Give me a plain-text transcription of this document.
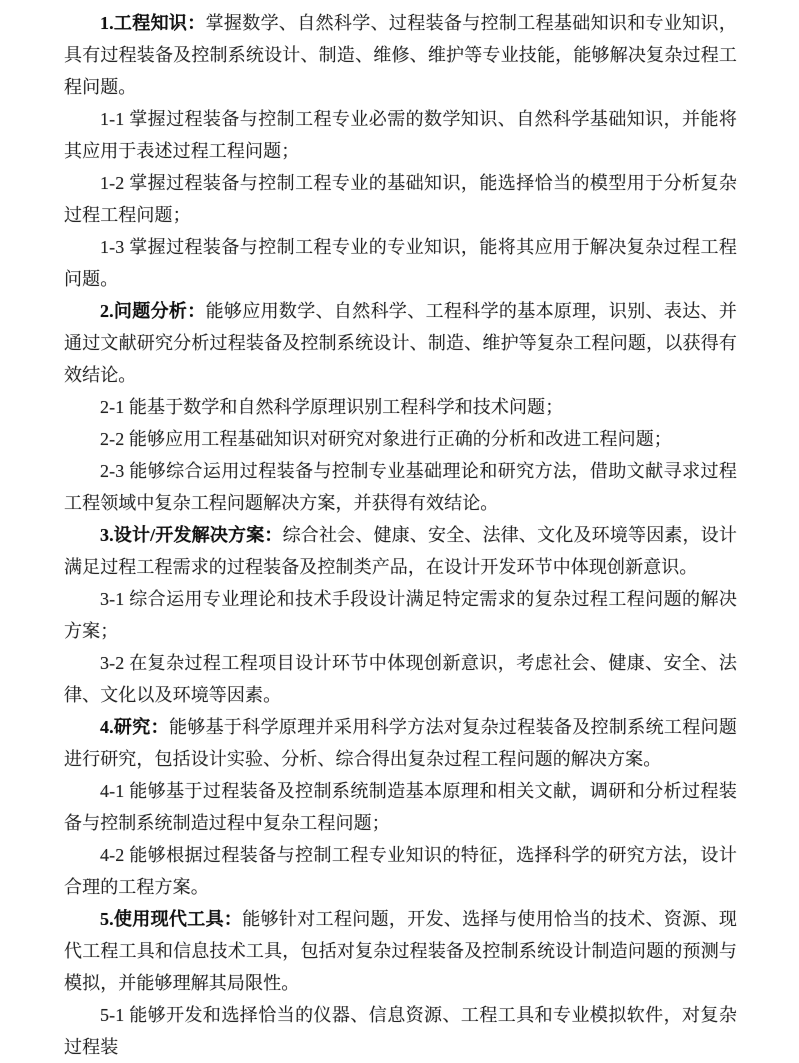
1.工程知识：掌握数学、自然科学、过程装备与控制工程基础知识和专业知识，具有过程装备及控制系统设计、制造、维修、维护等专业技能，能够解决复杂过程工程问题。

1-1 掌握过程装备与控制工程专业必需的数学知识、自然科学基础知识，并能将其应用于表述过程工程问题；

1-2 掌握过程装备与控制工程专业的基础知识，能选择恰当的模型用于分析复杂过程工程问题；

1-3 掌握过程装备与控制工程专业的专业知识，能将其应用于解决复杂过程工程问题。

2.问题分析：能够应用数学、自然科学、工程科学的基本原理，识别、表达、并通过文献研究分析过程装备及控制系统设计、制造、维护等复杂工程问题，以获得有效结论。

2-1 能基于数学和自然科学原理识别工程科学和技术问题；

2-2 能够应用工程基础知识对研究对象进行正确的分析和改进工程问题；

2-3 能够综合运用过程装备与控制专业基础理论和研究方法，借助文献寻求过程工程领域中复杂工程问题解决方案，并获得有效结论。

3.设计/开发解决方案：综合社会、健康、安全、法律、文化及环境等因素，设计满足过程工程需求的过程装备及控制类产品，在设计开发环节中体现创新意识。

3-1 综合运用专业理论和技术手段设计满足特定需求的复杂过程工程问题的解决方案；

3-2 在复杂过程工程项目设计环节中体现创新意识，考虑社会、健康、安全、法律、文化以及环境等因素。

4.研究：能够基于科学原理并采用科学方法对复杂过程装备及控制系统工程问题进行研究，包括设计实验、分析、综合得出复杂过程工程问题的解决方案。

4-1 能够基于过程装备及控制系统制造基本原理和相关文献，调研和分析过程装备与控制系统制造过程中复杂工程问题；

4-2 能够根据过程装备与控制工程专业知识的特征，选择科学的研究方法，设计合理的工程方案。

5.使用现代工具：能够针对工程问题，开发、选择与使用恰当的技术、资源、现代工程工具和信息技术工具，包括对复杂过程装备及控制系统设计制造问题的预测与模拟，并能够理解其局限性。

5-1 能够开发和选择恰当的仪器、信息资源、工程工具和专业模拟软件，对复杂过程装
